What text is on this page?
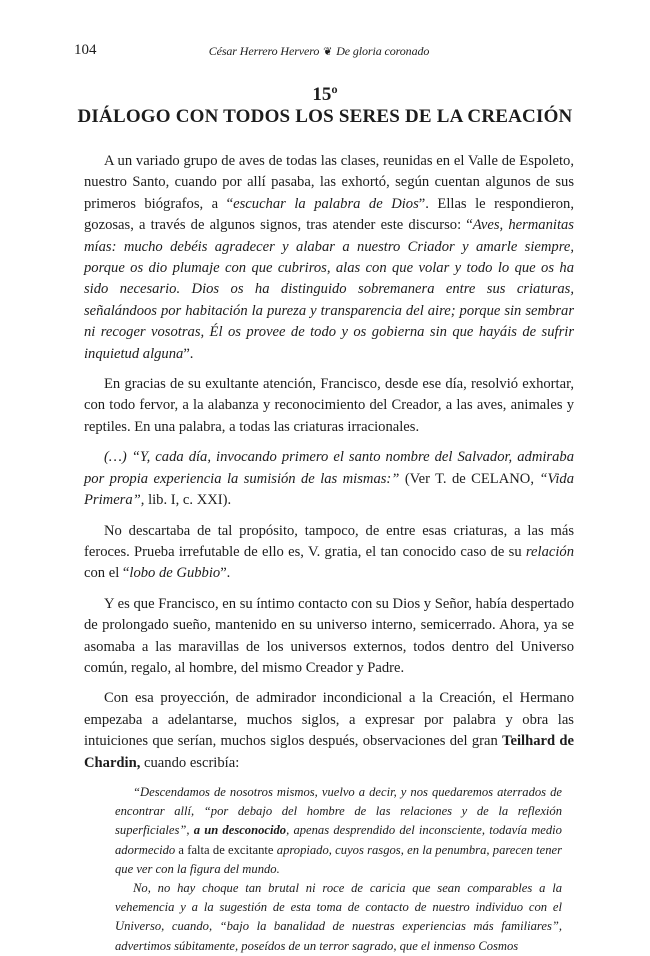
104	César Herrero Hervero ❦ De gloria coronado
15º
DIÁLOGO CON TODOS LOS SERES DE LA CREACIÓN

A un variado grupo de aves de todas las clases, reunidas en el Valle de Espoleto, nuestro Santo, cuando por allí pasaba, las exhortó, según cuentan algunos de sus primeros biógrafos, a “escuchar la palabra de Dios”. Ellas le respondieron, gozosas, a través de algunos signos, tras atender este discurso: “Aves, hermanitas mías: mucho debéis agradecer y alabar a nuestro Criador y amarle siempre, porque os dio plumaje con que cubriros, alas con que volar y todo lo que os ha sido necesario. Dios os ha distinguido sobremanera entre sus criaturas, señalándoos por habitación la pureza y transparencia del aire; porque sin sembrar ni recoger vosotras, Él os provee de todo y os gobierna sin que hayáis de sufrir inquietud alguna”.

En gracias de su exultante atención, Francisco, desde ese día, resolvió exhortar, con todo fervor, a la alabanza y reconocimiento del Creador, a las aves, animales y reptiles. En una palabra, a todas las criaturas irracionales.

(…) “Y, cada día, invocando primero el santo nombre del Salvador, admiraba por propia experiencia la sumisión de las mismas:” (Ver T. de CELANO, “Vida Primera”, lib. I, c. XXI).

No descartaba de tal propósito, tampoco, de entre esas criaturas, a las más feroces. Prueba irrefutable de ello es, V. gratia, el tan conocido caso de su relación con el “lobo de Gubbio”.

Y es que Francisco, en su íntimo contacto con su Dios y Señor, había despertado de prolongado sueño, mantenido en su universo interno, semicerrado. Ahora, ya se asomaba a las maravillas de los universos externos, todos dentro del Universo común, regalo, al hombre, del mismo Creador y Padre.

Con esa proyección, de admirador incondicional a la Creación, el Hermano empezaba a adelantarse, muchos siglos, a expresar por palabra y obra las intuiciones que serían, muchos siglos después, observaciones del gran Teilhard de Chardin, cuando escribía:

“Descendamos de nosotros mismos, vuelvo a decir, y nos quedaremos aterrados de encontrar allí, “por debajo del hombre de las relaciones y de la reflexión superficiales”, a un desconocido, apenas desprendido del inconsciente, todavía medio adormecido a falta de excitante apropiado, cuyos rasgos, en la penumbra, parecen tener que ver con la figura del mundo.

No, no hay choque tan brutal ni roce de caricia que sean comparables a la vehemencia y a la sugestión de esta toma de contacto de nuestro individuo con el Universo, cuando, “bajo la banalidad de nuestras experiencias más familiares”, advertimos súbitamente, poseídos de un terror sagrado, que el inmenso Cosmos
